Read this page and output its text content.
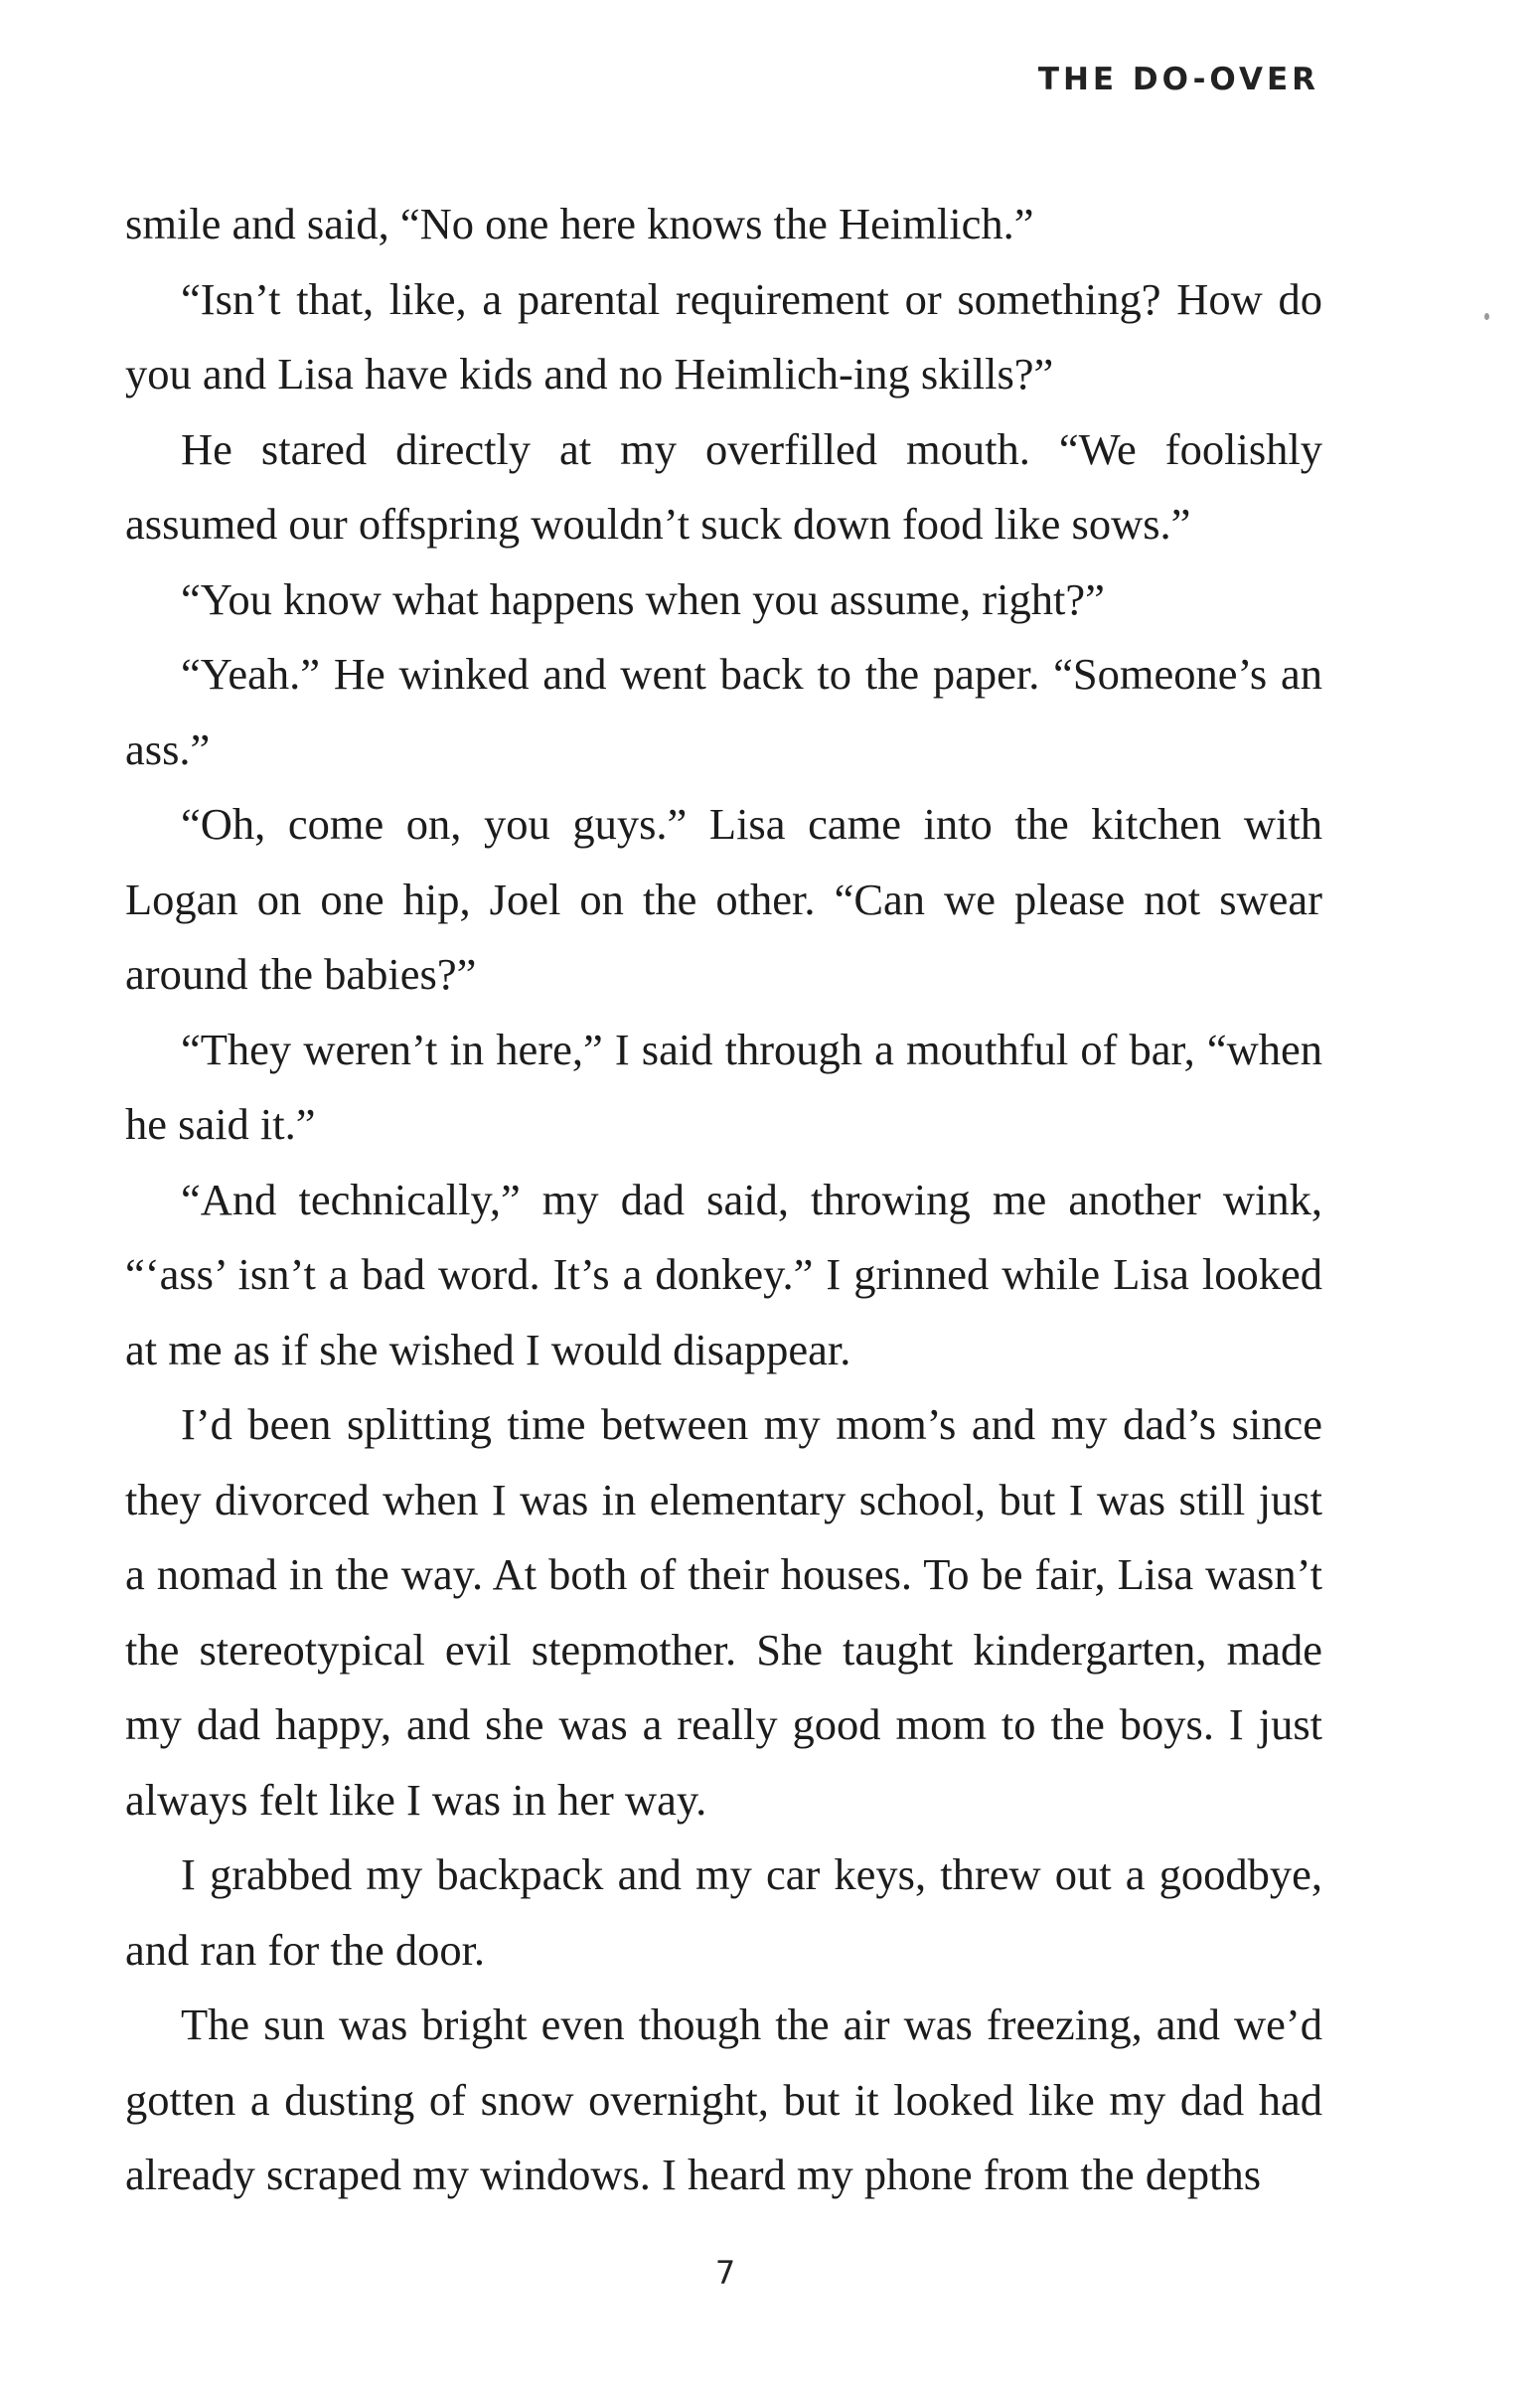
THE DO-OVER

smile and said, “No one here knows the Heimlich.”

“Isn’t that, like, a parental requirement or something? How do you and Lisa have kids and no Heimlich-ing skills?”

He stared directly at my overfilled mouth. “We foolishly assumed our offspring wouldn’t suck down food like sows.”

“You know what happens when you assume, right?”

“Yeah.” He winked and went back to the paper. “Someone’s an ass.”

“Oh, come on, you guys.” Lisa came into the kitchen with Logan on one hip, Joel on the other. “Can we please not swear around the babies?”

“They weren’t in here,” I said through a mouthful of bar, “when he said it.”

“And technically,” my dad said, throwing me another wink, “‘ass’ isn’t a bad word. It’s a donkey.” I grinned while Lisa looked at me as if she wished I would disappear.

I’d been splitting time between my mom’s and my dad’s since they divorced when I was in elementary school, but I was still just a nomad in the way. At both of their houses. To be fair, Lisa wasn’t the stereotypical evil stepmother. She taught kindergarten, made my dad happy, and she was a really good mom to the boys. I just always felt like I was in her way.

I grabbed my backpack and my car keys, threw out a goodbye, and ran for the door.

The sun was bright even though the air was freezing, and we’d gotten a dusting of snow overnight, but it looked like my dad had already scraped my windows. I heard my phone from the depths

7
